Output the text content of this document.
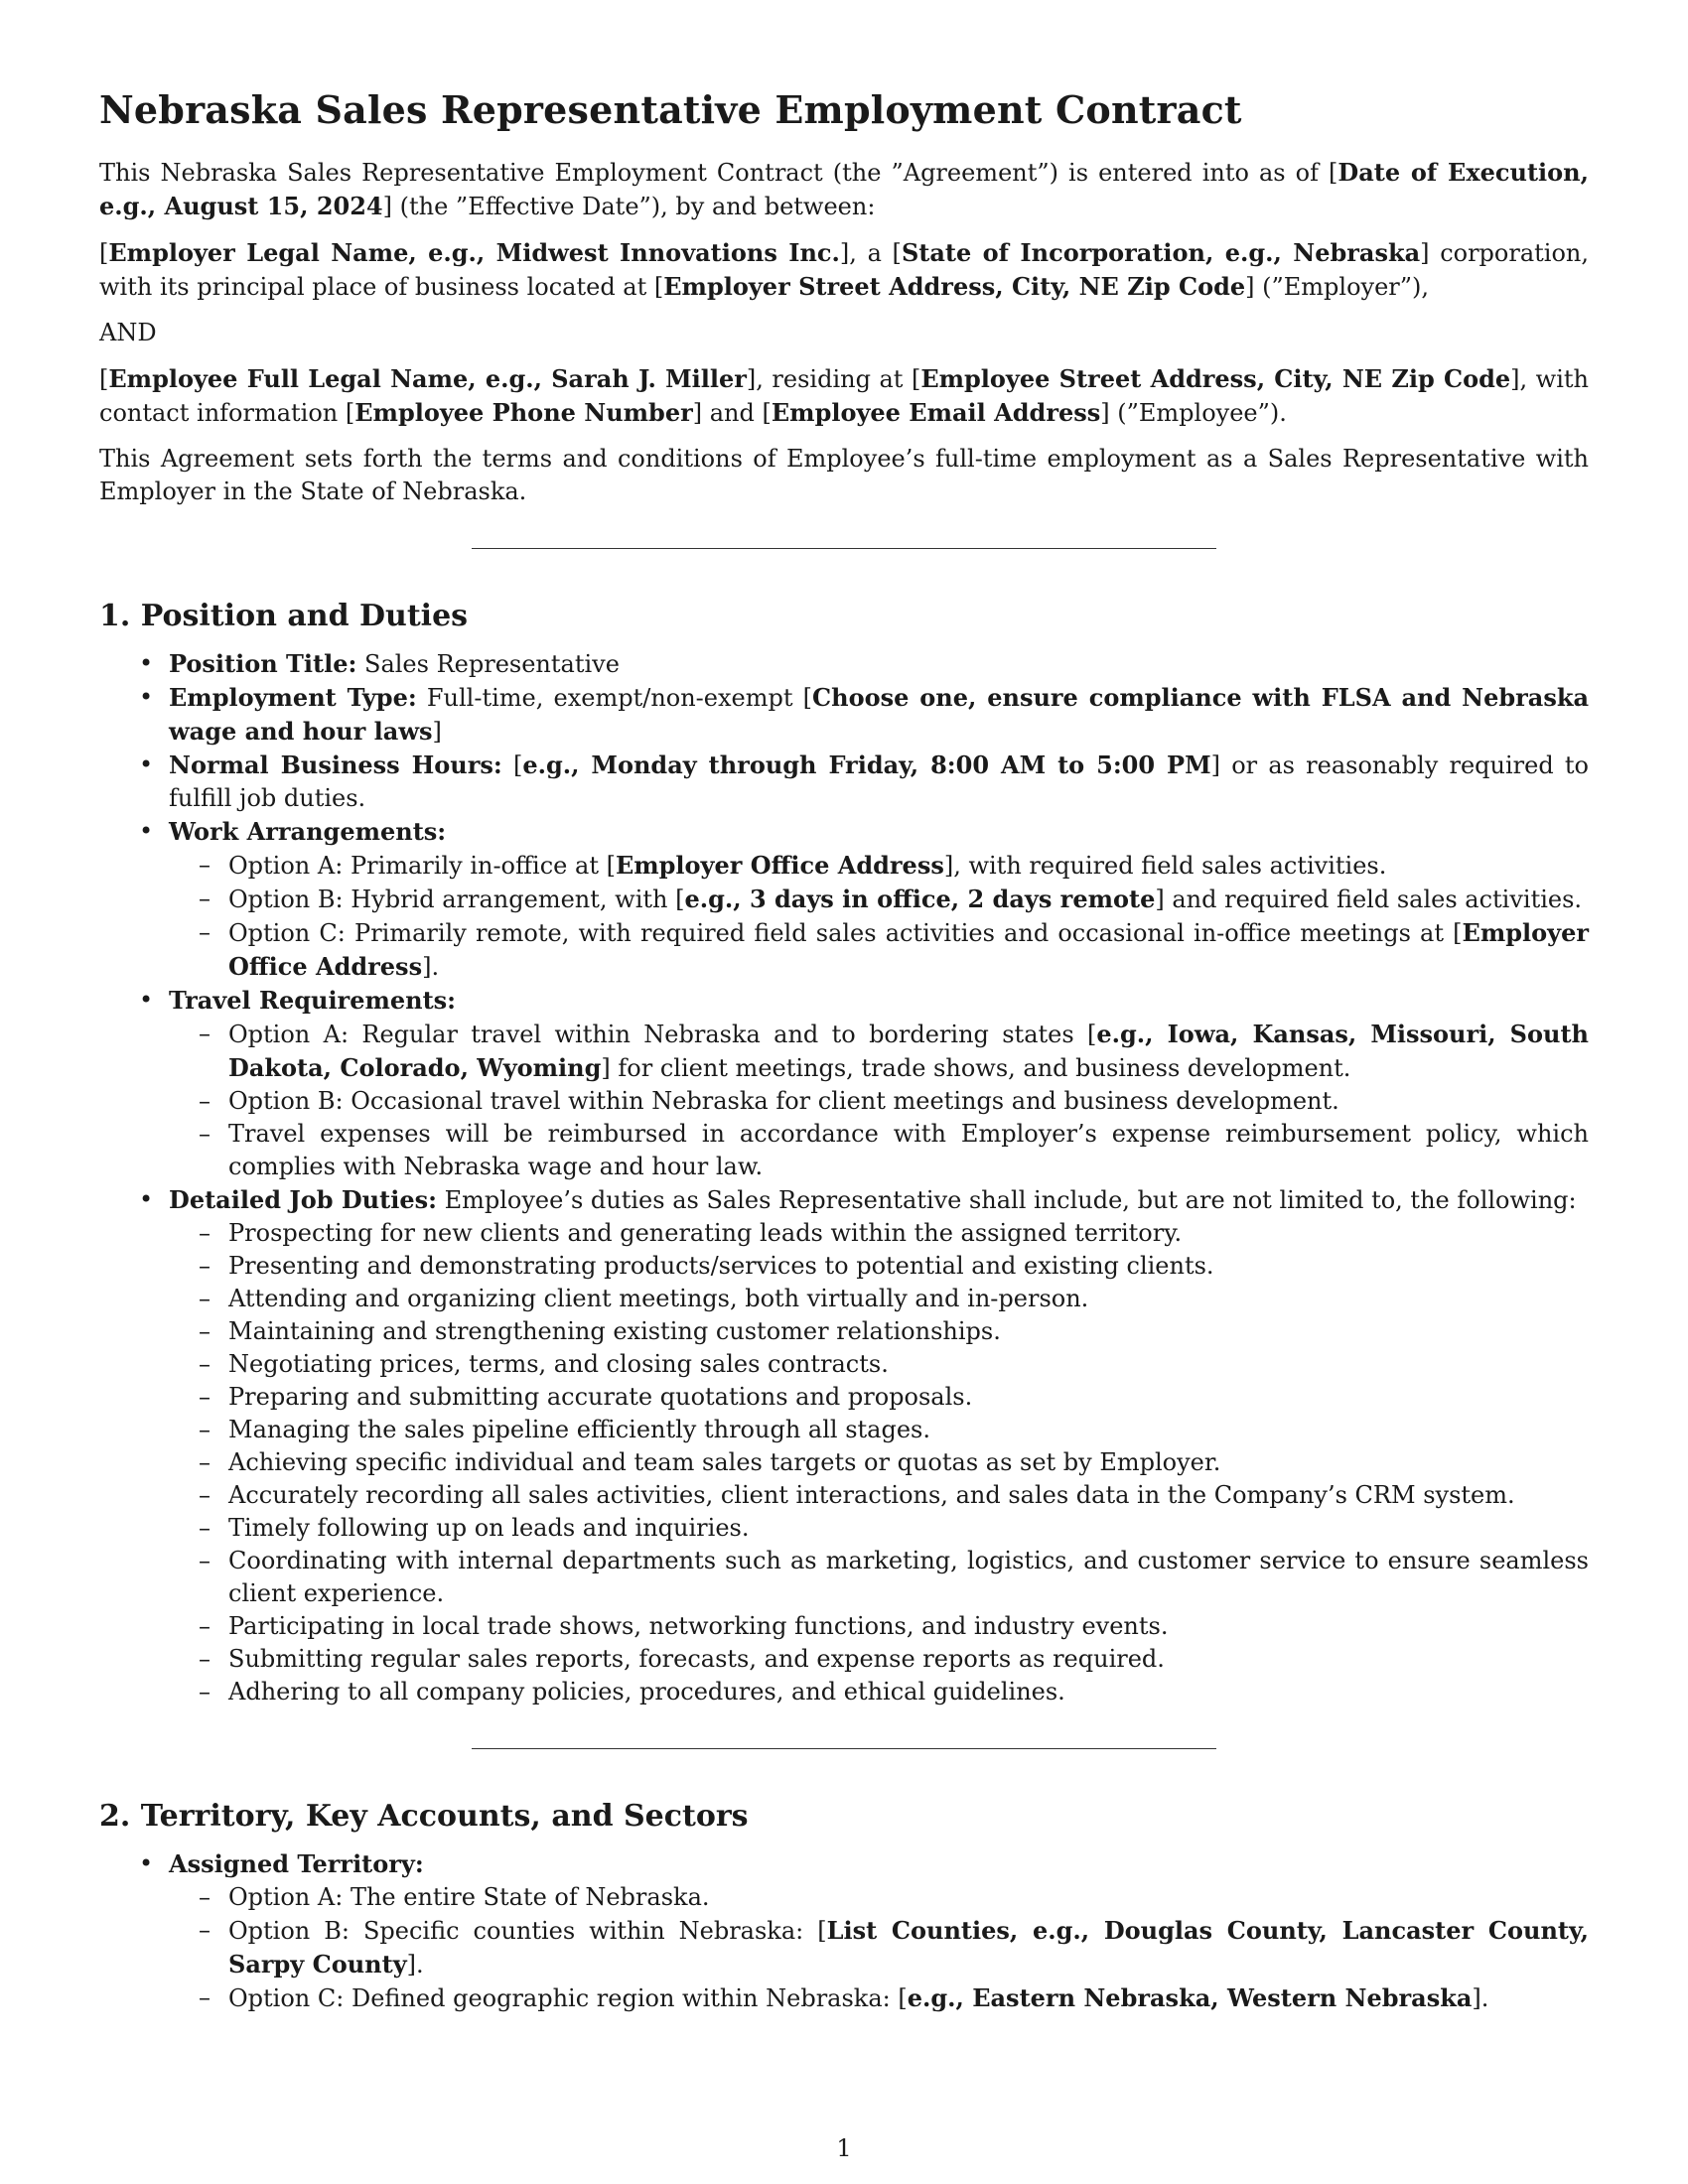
Nebraska Sales Representative Employment Contract

This Nebraska Sales Representative Employment Contract (the ”Agreement”) is entered into as of [Date of Execution, e.g., August 15, 2024] (the ”Effective Date”), by and between:

[Employer Legal Name, e.g., Midwest Innovations Inc.], a [State of Incorporation, e.g., Nebraska] corporation, with its principal place of business located at [Employer Street Address, City, NE Zip Code] (”Employer”),

AND

[Employee Full Legal Name, e.g., Sarah J. Miller], residing at [Employee Street Address, City, NE Zip Code], with contact information [Employee Phone Number] and [Employee Email Address] (”Employee”).

This Agreement sets forth the terms and conditions of Employee’s full-time employment as a Sales Representative with Employer in the State of Nebraska.

1. Position and Duties
• Position Title: Sales Representative
• Employment Type: Full-time, exempt/non-exempt [Choose one, ensure compliance with FLSA and Nebraska wage and hour laws]
• Normal Business Hours: [e.g., Monday through Friday, 8:00 AM to 5:00 PM] or as reasonably required to fulfill job duties.
• Work Arrangements:
– Option A: Primarily in-office at [Employer Office Address], with required field sales activities.
– Option B: Hybrid arrangement, with [e.g., 3 days in office, 2 days remote] and required field sales activities.
– Option C: Primarily remote, with required field sales activities and occasional in-office meetings at [Employer Office Address].
• Travel Requirements:
– Option A: Regular travel within Nebraska and to bordering states [e.g., Iowa, Kansas, Missouri, South Dakota, Colorado, Wyoming] for client meetings, trade shows, and business development.
– Option B: Occasional travel within Nebraska for client meetings and business development.
– Travel expenses will be reimbursed in accordance with Employer’s expense reimbursement policy, which complies with Nebraska wage and hour law.
• Detailed Job Duties: Employee’s duties as Sales Representative shall include, but are not limited to, the following:
– Prospecting for new clients and generating leads within the assigned territory.
– Presenting and demonstrating products/services to potential and existing clients.
– Attending and organizing client meetings, both virtually and in-person.
– Maintaining and strengthening existing customer relationships.
– Negotiating prices, terms, and closing sales contracts.
– Preparing and submitting accurate quotations and proposals.
– Managing the sales pipeline efficiently through all stages.
– Achieving specific individual and team sales targets or quotas as set by Employer.
– Accurately recording all sales activities, client interactions, and sales data in the Company’s CRM system.
– Timely following up on leads and inquiries.
– Coordinating with internal departments such as marketing, logistics, and customer service to ensure seamless client experience.
– Participating in local trade shows, networking functions, and industry events.
– Submitting regular sales reports, forecasts, and expense reports as required.
– Adhering to all company policies, procedures, and ethical guidelines.
2. Territory, Key Accounts, and Sectors
• Assigned Territory:
– Option A: The entire State of Nebraska.
– Option B: Specific counties within Nebraska: [List Counties, e.g., Douglas County, Lancaster County, Sarpy County].
– Option C: Defined geographic region within Nebraska: [e.g., Eastern Nebraska, Western Nebraska].
1
